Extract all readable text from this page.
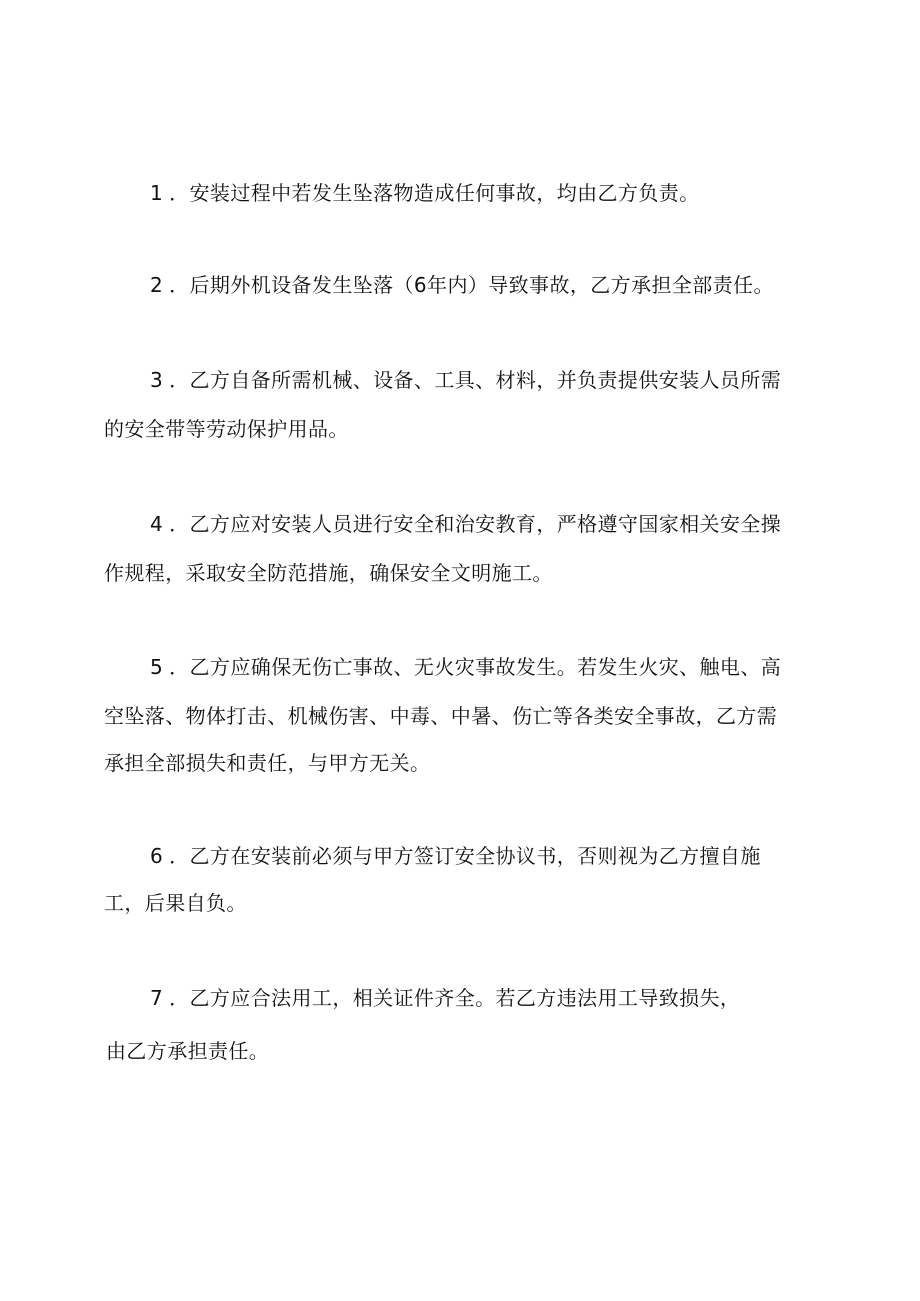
1 ．安装过程中若发生坠落物造成任何事故，均由乙方负责。
2 ．后期外机设备发生坠落（6年内）导致事故，乙方承担全部责任。
3 ．乙方自备所需机械、设备、工具、材料，并负责提供安装人员所需
的安全带等劳动保护用品。
4 ．乙方应对安装人员进行安全和治安教育，严格遵守国家相关安全操
作规程，采取安全防范措施，确保安全文明施工。
5 ．乙方应确保无伤亡事故、无火灾事故发生。若发生火灾、触电、高
空坠落、物体打击、机械伤害、中毒、中暑、伤亡等各类安全事故，乙方需
承担全部损失和责任，与甲方无关。
6 ．乙方在安装前必须与甲方签订安全协议书，否则视为乙方擅自施
工，后果自负。
7 ．乙方应合法用工，相关证件齐全。若乙方违法用工导致损失，
由乙方承担责任。
